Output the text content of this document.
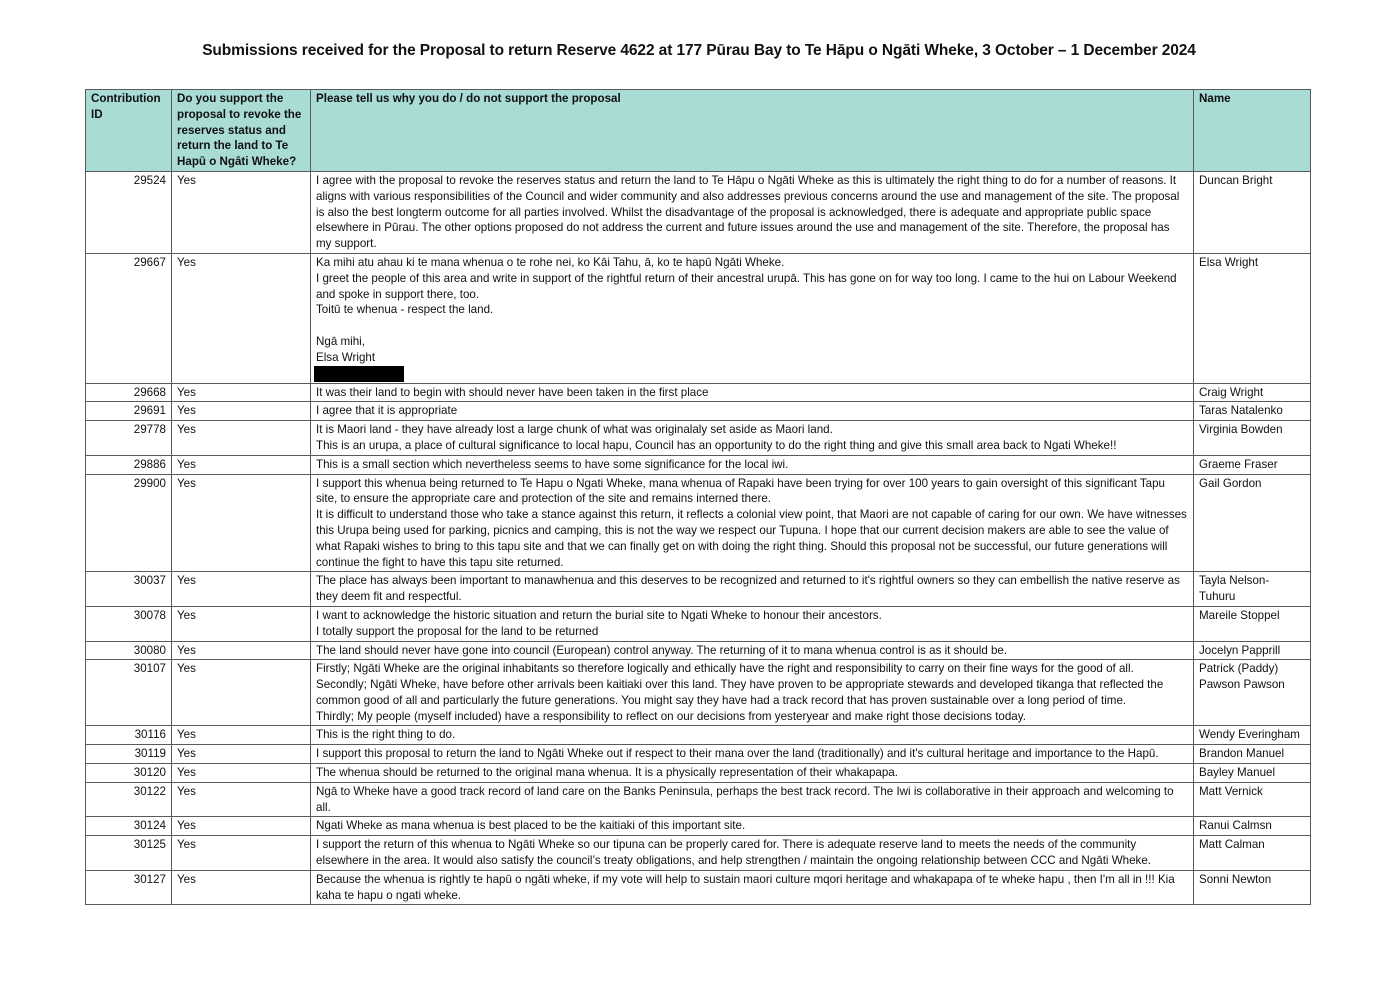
Submissions received for the Proposal to return Reserve 4622 at 177 Pūrau Bay to Te Hāpu o Ngāti Wheke, 3 October – 1 December 2024
Contribution ID	Do you support the proposal to revoke the reserves status and return the land to Te Hapū o Ngāti Wheke?	Please tell us why you do / do not support the proposal	Name
29524	Yes	I agree with the proposal to revoke the reserves status and return the land to Te Hāpu o Ngāti Wheke as this is ultimately the right thing to do for a number of reasons. It aligns with various responsibilities of the Council and wider community and also addresses previous concerns around the use and management of the site. The proposal is also the best longterm outcome for all parties involved. Whilst the disadvantage of the proposal is acknowledged, there is adequate and appropriate public space elsewhere in Pūrau. The other options proposed do not address the current and future issues around the use and management of the site. Therefore, the proposal has my support.	Duncan Bright
29667	Yes	Ka mihi atu ahau ki te mana whenua o te rohe nei, ko Kāi Tahu, ā, ko te hapū Ngāti Wheke.
I greet the people of this area and write in support of the rightful return of their ancestral urupā. This has gone on for way too long. I came to the hui on Labour Weekend and spoke in support there, too.
Toitū te whenua - respect the land.
Ngā mihi,
Elsa Wright	Elsa Wright
29668	Yes	It was their land to begin with should never have been taken in the first place	Craig Wright
29691	Yes	I agree that it is appropriate	Taras Natalenko
29778	Yes	It is Maori land - they have already lost a large chunk of what was originalaly set aside as Maori land.
This is an urupa, a place of cultural significance to local hapu, Council has an opportunity to do the right thing and give this small area back to Ngati Wheke!!	Virginia Bowden
29886	Yes	This is a small section which nevertheless seems to have some significance for the local iwi.	Graeme Fraser
29900	Yes	I support this whenua being returned to Te Hapu o Ngati Wheke, mana whenua of Rapaki have been trying for over 100 years to gain oversight of this significant Tapu site, to ensure the appropriate care and protection of the site and remains interned there.
It is difficult to understand those who take a stance against this return, it reflects a colonial view point, that Maori are not capable of caring for our own. We have witnesses this Urupa being used for parking, picnics and camping, this is not the way we respect our Tupuna. I hope that our current decision makers are able to see the value of what Rapaki wishes to bring to this tapu site and that we can finally get on with doing the right thing. Should this proposal not be successful, our future generations will continue the fight to have this tapu site returned.	Gail Gordon
30037	Yes	The place has always been important to manawhenua and this deserves to be recognized and returned to it's rightful owners so they can embellish the native reserve as they deem fit and respectful.	Tayla Nelson-Tuhuru
30078	Yes	I want to acknowledge the historic situation and return the burial site to Ngati Wheke to honour their ancestors.
I totally support the proposal for the land to be returned	Mareile Stoppel
30080	Yes	The land should never have gone into council (European) control anyway. The returning of it to mana whenua control is as it should be.	Jocelyn Papprill
30107	Yes	Firstly; Ngāti Wheke are the original inhabitants so therefore logically and ethically have the right and responsibility to carry on their fine ways for the good of all.
Secondly; Ngāti Wheke, have before other arrivals been kaitiaki over this land. They have proven to be appropriate stewards and developed tikanga that reflected the common good of all and particularly the future generations. You might say they have had a track record that has proven sustainable over a long period of time.
Thirdly; My people (myself included) have a responsibility to reflect on our decisions from yesteryear and make right those decisions today.	Patrick (Paddy) Pawson Pawson
30116	Yes	This is the right thing to do.	Wendy Everingham
30119	Yes	I support this proposal to return the land to Ngāti Wheke out if respect to their mana over the land (traditionally) and it's cultural heritage and importance to the Hapū.	Brandon Manuel
30120	Yes	The whenua should be returned to the original mana whenua. It is a physically representation of their whakapapa.	Bayley Manuel
30122	Yes	Ngā to Wheke have a good track record of land care on the Banks Peninsula, perhaps the best track record. The Iwi is collaborative in their approach and welcoming to all.	Matt Vernick
30124	Yes	Ngati Wheke as mana whenua is best placed to be the kaitiaki of this important site.	Ranui Calmsn
30125	Yes	I support the return of this whenua to Ngāti Wheke so our tipuna can be properly cared for. There is adequate reserve land to meets the needs of the community elsewhere in the area. It would also satisfy the council’s treaty obligations, and help strengthen / maintain the ongoing relationship between CCC and Ngāti Wheke.	Matt Calman
30127	Yes	Because the whenua is rightly te hapū o ngāti wheke, if my vote will help to sustain maori culture mqori heritage and whakapapa of te wheke hapu , then I'm all in !!! Kia kaha te hapu o ngati wheke.	Sonni Newton
